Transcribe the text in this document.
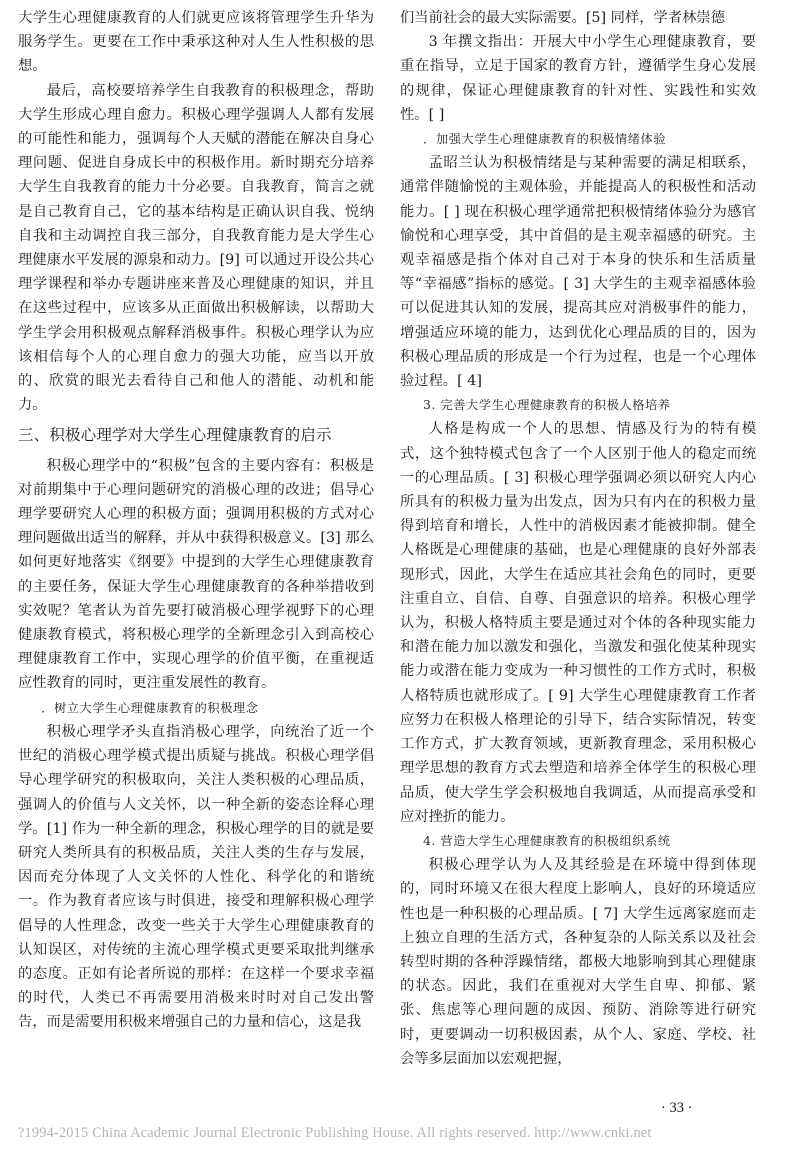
大学生心理健康教育的人们就更应该将管理学生升华为服务学生。更要在工作中秉承这种对人生人性积极的思想。

最后，高校要培养学生自我教育的积极理念，帮助大学生形成心理自愈力。积极心理学强调人人都有发展的可能性和能力，强调每个人天赋的潜能在解决自身心理问题、促进自身成长中的积极作用。新时期充分培养大学生自我教育的能力十分必要。自我教育，简言之就是自己教育自己，它的基本结构是正确认识自我、悦纳自我和主动调控自我三部分，自我教育能力是大学生心理健康水平发展的源泉和动力。[9] 可以通过开设公共心理学课程和举办专题讲座来普及心理健康的知识，并且在这些过程中，应该多从正面做出积极解读，以帮助大学生学会用积极观点解释消极事件。积极心理学认为应该相信每个人的心理自愈力的强大功能，应当以开放的、欣赏的眼光去看待自己和他人的潜能、动机和能力。

三、积极心理学对大学生心理健康教育的启示

积极心理学中的“积极”包含的主要内容有：积极是对前期集中于心理问题研究的消极心理的改进；倡导心理学要研究人心理的积极方面；强调用积极的方式对心理问题做出适当的解释，并从中获得积极意义。[3] 那么如何更好地落实《纲要》中提到的大学生心理健康教育的主要任务，保证大学生心理健康教育的各种举措收到实效呢？笔者认为首先要打破消极心理学视野下的心理健康教育模式，将积极心理学的全新理念引入到高校心理健康教育工作中，实现心理学的价值平衡，在重视适应性教育的同时，更注重发展性的教育。

．树立大学生心理健康教育的积极理念

积极心理学矛头直指消极心理学，向统治了近一个世纪的消极心理学模式提出质疑与挑战。积极心理学倡导心理学研究的积极取向，关注人类积极的心理品质，强调人的价值与人文关怀，以一种全新的姿态诠释心理学。[1] 作为一种全新的理念，积极心理学的目的就是要研究人类所具有的积极品质，关注人类的生存与发展，因而充分体现了人文关怀的人性化、科学化的和谐统一。作为教育者应该与时俱进，接受和理解积极心理学倡导的人性理念，改变一些关于大学生心理健康教育的认知误区，对传统的主流心理学模式更要采取批判继承的态度。正如有论者所说的那样：在这样一个要求幸福的时代，人类已不再需要用消极来时时对自己发出警告，而是需要用积极来增强自己的力量和信心，这是我

们当前社会的最大实际需要。[5] 同样，学者林崇德

3 年撰文指出：开展大中小学生心理健康教育，要重在指导，立足于国家的教育方针，遵循学生身心发展的规律，保证心理健康教育的针对性、实践性和实效性。[ ]

．加强大学生心理健康教育的积极情绪体验

孟昭兰认为积极情绪是与某种需要的满足相联系，通常伴随愉悦的主观体验，并能提高人的积极性和活动能力。[ ] 现在积极心理学通常把积极情绪体验分为感官愉悦和心理享受，其中首倡的是主观幸福感的研究。主观幸福感是指个体对自己对于本身的快乐和生活质量等“幸福感”指标的感觉。[ 3] 大学生的主观幸福感体验可以促进其认知的发展，提高其应对消极事件的能力，增强适应环境的能力，达到优化心理品质的目的，因为积极心理品质的形成是一个行为过程，也是一个心理体验过程。[ 4]

3. 完善大学生心理健康教育的积极人格培养

人格是构成一个人的思想、情感及行为的特有模式，这个独特模式包含了一个人区别于他人的稳定而统一的心理品质。[ 3] 积极心理学强调必须以研究人内心所具有的积极力量为出发点，因为只有内在的积极力量得到培育和增长，人性中的消极因素才能被抑制。健全人格既是心理健康的基础，也是心理健康的良好外部表现形式，因此，大学生在适应其社会角色的同时，更要注重自立、自信、自尊、自强意识的培养。积极心理学认为，积极人格特质主要是通过对个体的各种现实能力和潜在能力加以激发和强化，当激发和强化使某种现实能力或潜在能力变成为一种习惯性的工作方式时，积极人格特质也就形成了。[ 9] 大学生心理健康教育工作者应努力在积极人格理论的引导下，结合实际情况，转变工作方式，扩大教育领域，更新教育理念，采用积极心理学思想的教育方式去塑造和培养全体学生的积极心理品质，使大学生学会积极地自我调适，从而提高承受和应对挫折的能力。

4. 营造大学生心理健康教育的积极组织系统

积极心理学认为人及其经验是在环境中得到体现的，同时环境又在很大程度上影响人，良好的环境适应性也是一种积极的心理品质。[ 7] 大学生远离家庭而走上独立自理的生活方式，各种复杂的人际关系以及社会转型时期的各种浮躁情绪，都极大地影响到其心理健康的状态。因此，我们在重视对大学生自卑、抑郁、紧张、焦虑等心理问题的成因、预防、消除等进行研究时，更要调动一切积极因素，从个人、家庭、学校、社会等多层面加以宏观把握，

· 33 ·
?1994-2015 China Academic Journal Electronic Publishing House. All rights reserved. http://www.cnki.net
